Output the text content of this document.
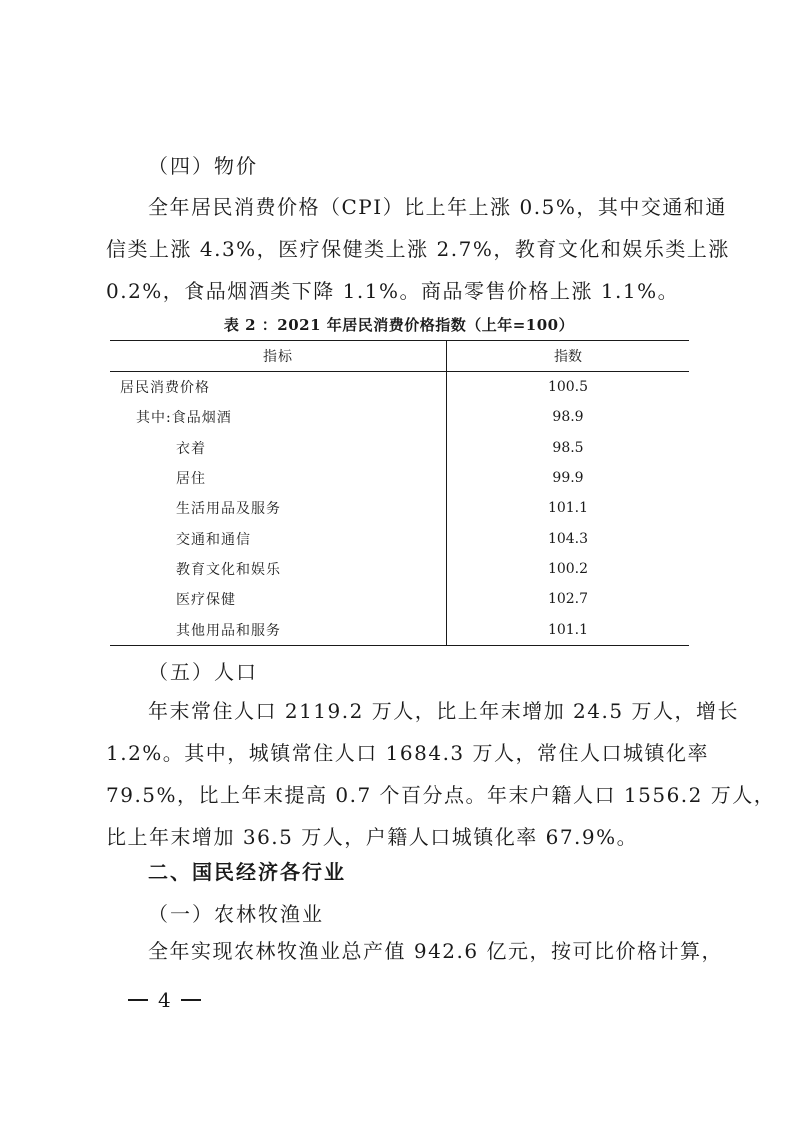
（四）物价
全年居民消费价格（CPI）比上年上涨 0.5%，其中交通和通
信类上涨 4.3%，医疗保健类上涨 2.7%，教育文化和娱乐类上涨
0.2%，食品烟酒类下降 1.1%。商品零售价格上涨 1.1%。
表 2 ：2021 年居民消费价格指数（上年=100）
指标	指数
居民消费价格	100.5
其中:食品烟酒	98.9
衣着	98.5
居住	99.9
生活用品及服务	101.1
交通和通信	104.3
教育文化和娱乐	100.2
医疗保健	102.7
其他用品和服务	101.1
（五）人口
年末常住人口 2119.2 万人，比上年末增加 24.5 万人，增长
1.2%。其中，城镇常住人口 1684.3 万人，常住人口城镇化率
79.5%，比上年末提高 0.7 个百分点。年末户籍人口 1556.2 万人，
比上年末增加 36.5 万人，户籍人口城镇化率 67.9%。
二、国民经济各行业
（一）农林牧渔业
全年实现农林牧渔业总产值 942.6 亿元，按可比价格计算，
4
